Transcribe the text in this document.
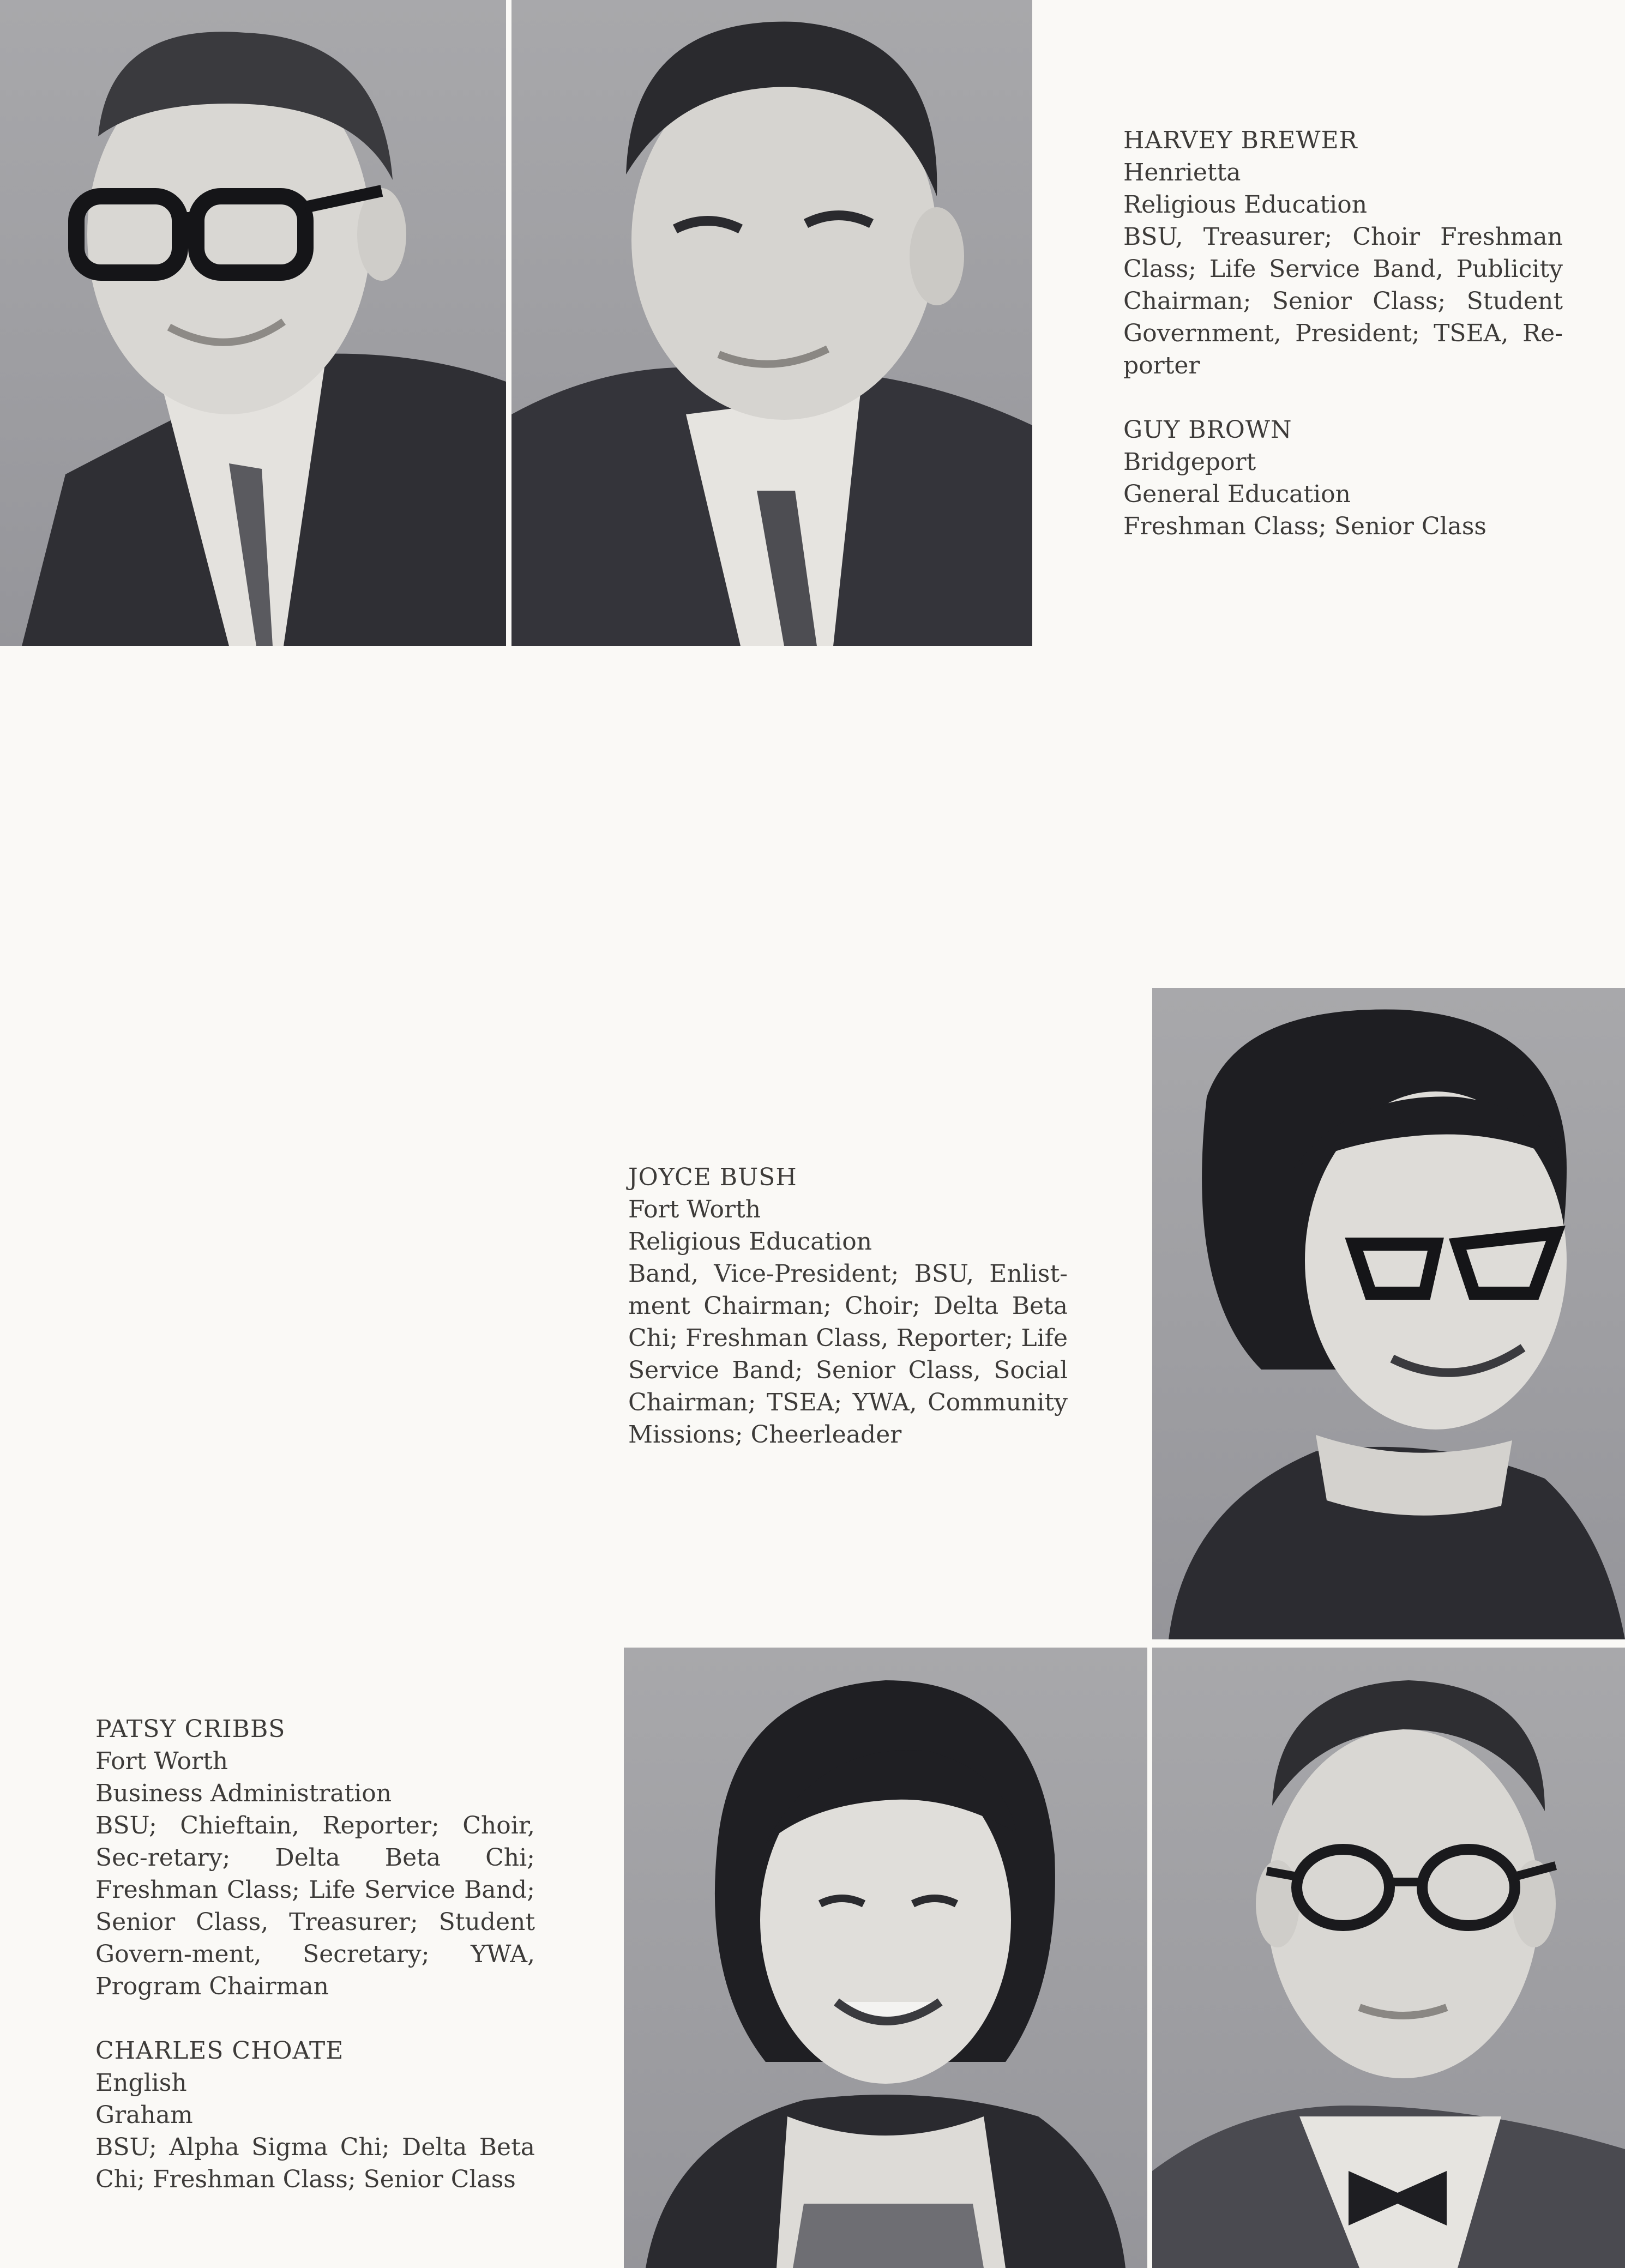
HARVEY BREWER
Henrietta
Religious Education
BSU, Treasurer; Choir Freshman Class; Life Service Band, Publicity Chairman; Senior Class; Student Government, President; TSEA, Re-porter
GUY BROWN
Bridgeport
General Education
Freshman Class; Senior Class
JOYCE BUSH
Fort Worth
Religious Education
Band, Vice-President; BSU, Enlist-ment Chairman; Choir; Delta Beta Chi; Freshman Class, Reporter; Life Service Band; Senior Class, Social Chairman; TSEA; YWA, Community Missions; Cheerleader
PATSY CRIBBS
Fort Worth
Business Administration
BSU; Chieftain, Reporter; Choir, Sec-retary; Delta Beta Chi; Freshman Class; Life Service Band; Senior Class, Treasurer; Student Govern-ment, Secretary; YWA, Program Chairman
CHARLES CHOATE
English
Graham
BSU; Alpha Sigma Chi; Delta Beta Chi; Freshman Class; Senior Class
